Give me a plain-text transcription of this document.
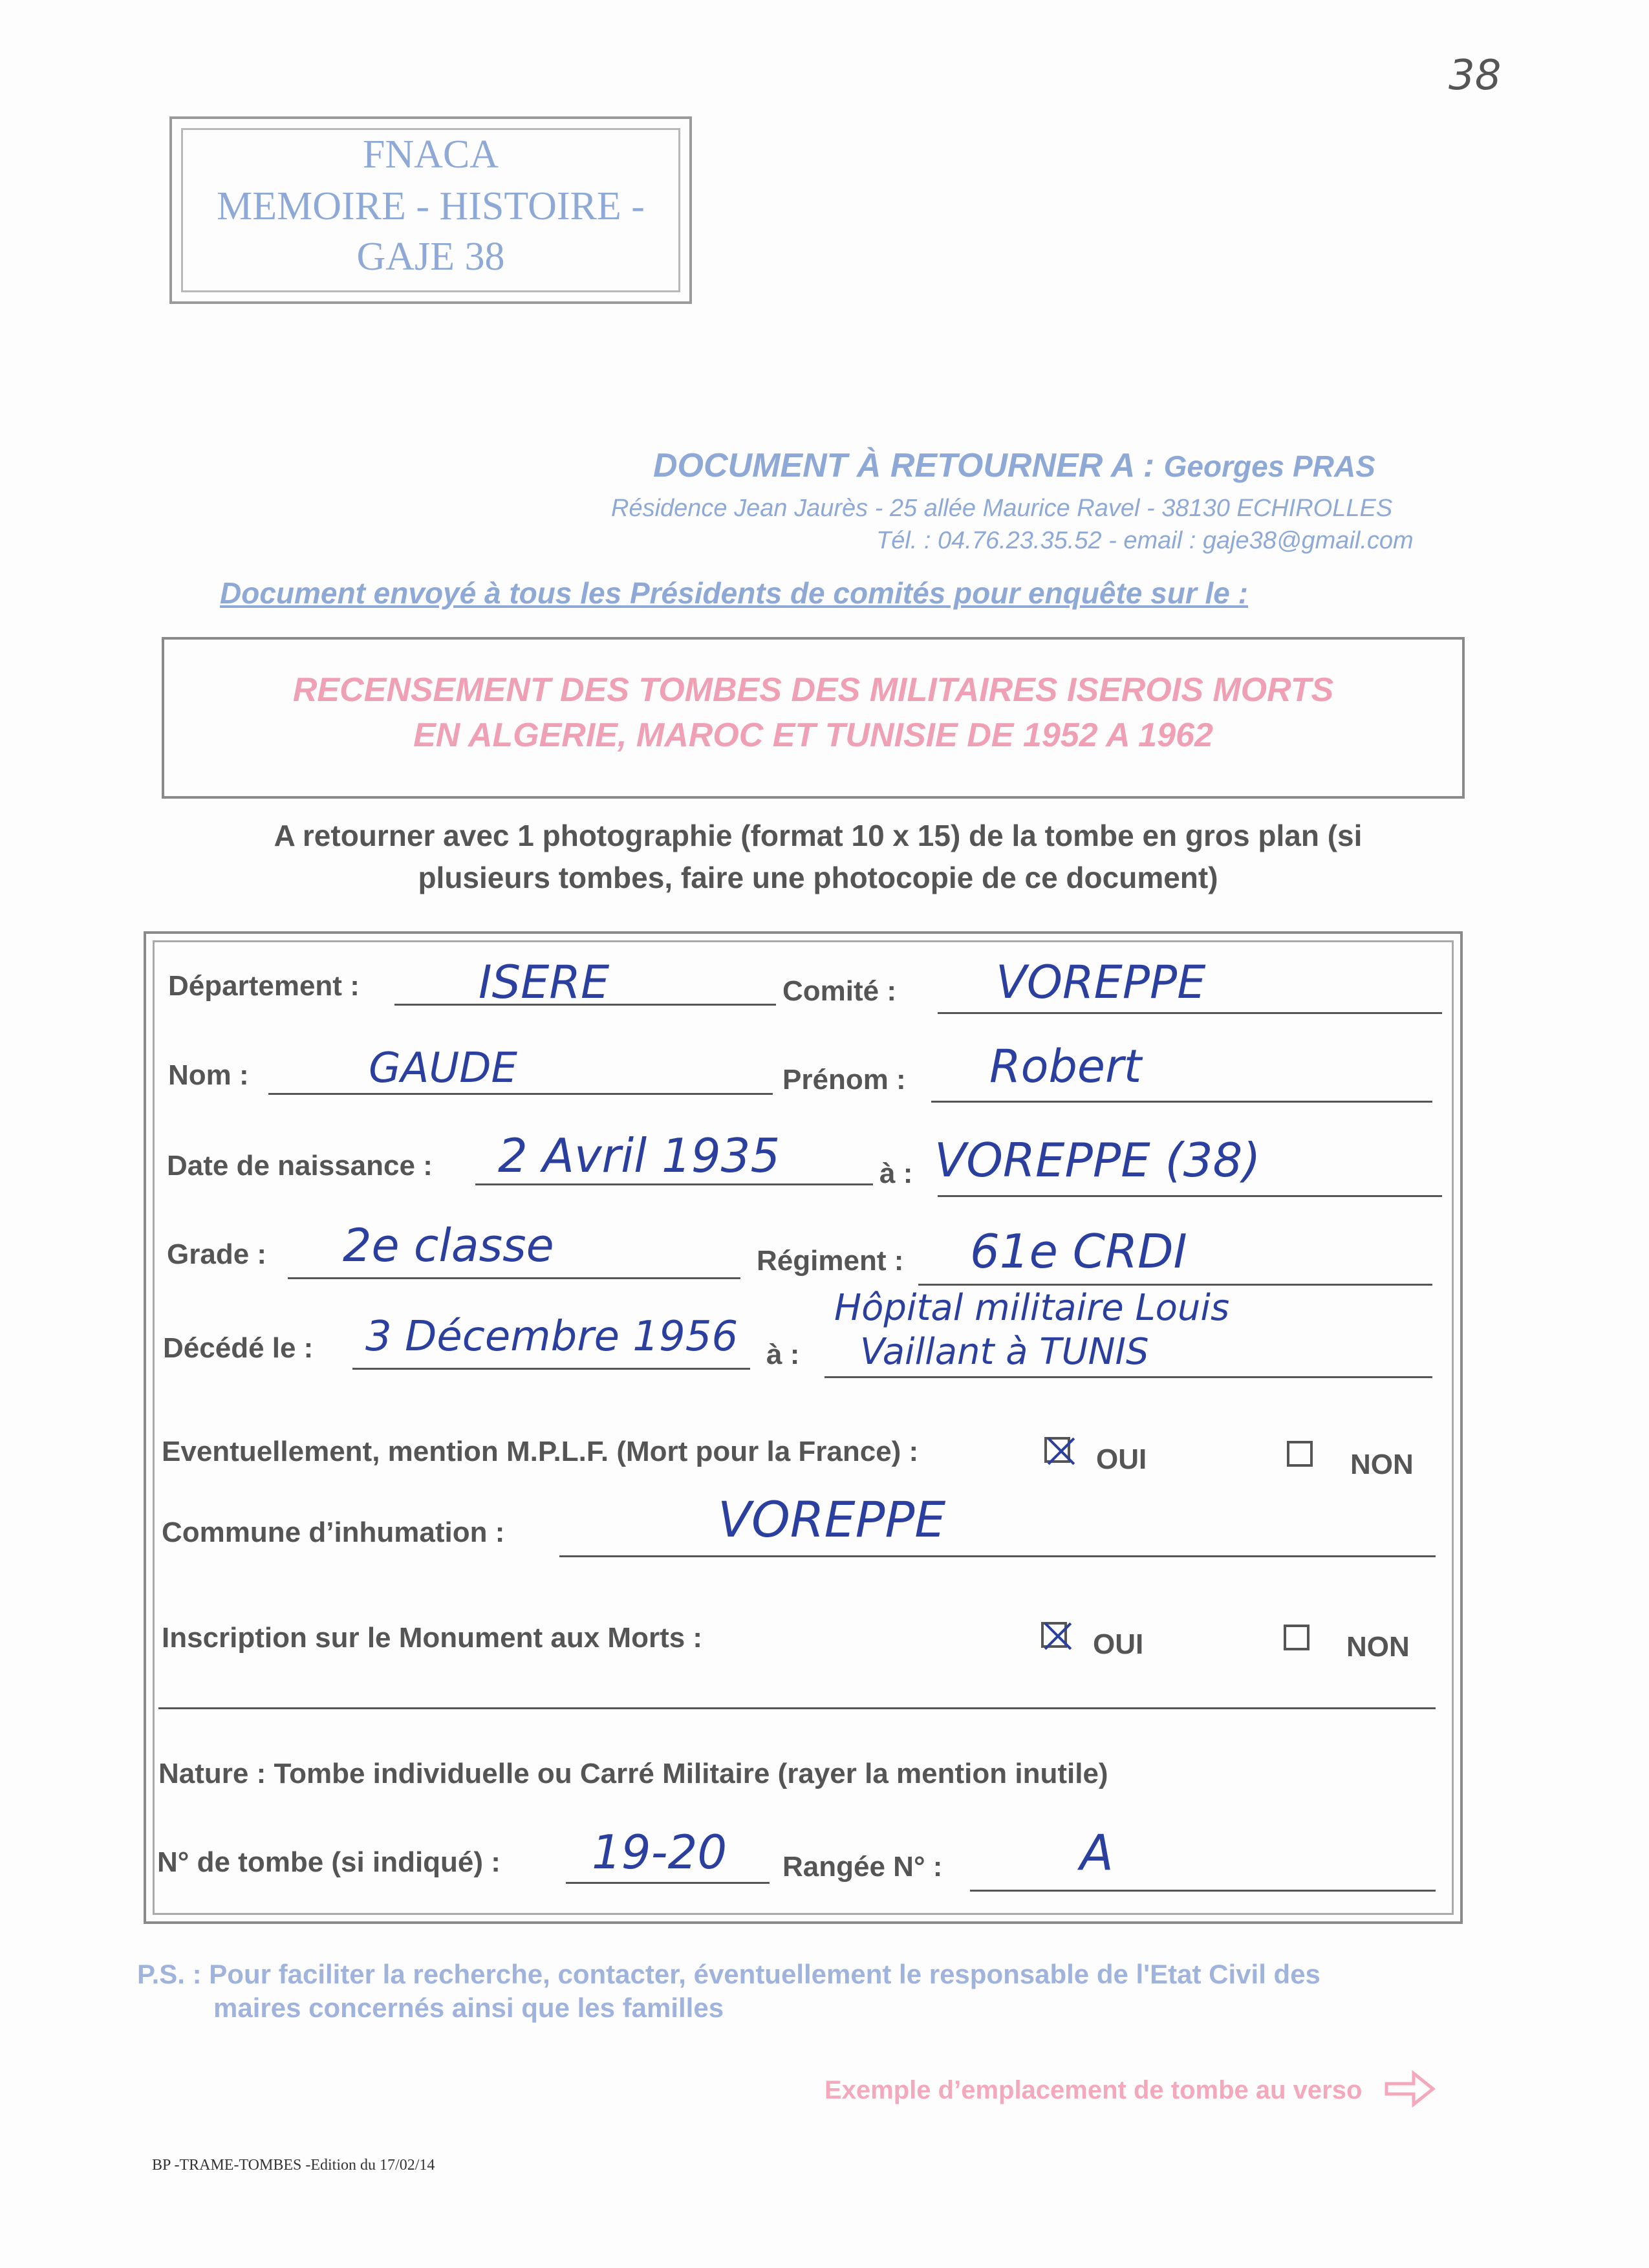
38
FNACA
MEMOIRE - HISTOIRE -
GAJE 38
DOCUMENT À RETOURNER A : Georges PRAS
Résidence Jean Jaurès - 25 allée Maurice Ravel - 38130 ECHIROLLES
Tél. : 04.76.23.35.52 - email : gaje38@gmail.com
Document envoyé à tous les Présidents de comités pour enquête sur le :
RECENSEMENT DES TOMBES DES MILITAIRES ISEROIS MORTS
EN ALGERIE, MAROC ET TUNISIE DE 1952 A 1962
A retourner avec 1 photographie (format 10 x 15) de la tombe en gros plan (si
plusieurs tombes, faire une photocopie de ce document)
Département :	ISERE	Comité : VOREPPE
Nom :	GAUDE	Prénom : Robert
Date de naissance : 2 Avril 1935	à : VOREPPE (38)
Grade : 2e classe	Régiment : 61e CRDI
Décédé le : 3 Décembre 1956 à :
Hôpital militaire Louis
Vaillant à TUNIS
Eventuellement, mention M.P.L.F. (Mort pour la France) :	OUI	NON
Commune d’inhumation :	VOREPPE
Inscription sur le Monument aux Morts :	OUI	NON
Nature : Tombe individuelle ou Carré Militaire (rayer la mention inutile)
N° de tombe (si indiqué) : 19-20 Rangée N° :	A
P.S. : Pour faciliter la recherche, contacter, éventuellement le responsable de l'Etat Civil des
maires concernés ainsi que les familles
Exemple d’emplacement de tombe au verso
BP -TRAME-TOMBES -Edition du 17/02/14
